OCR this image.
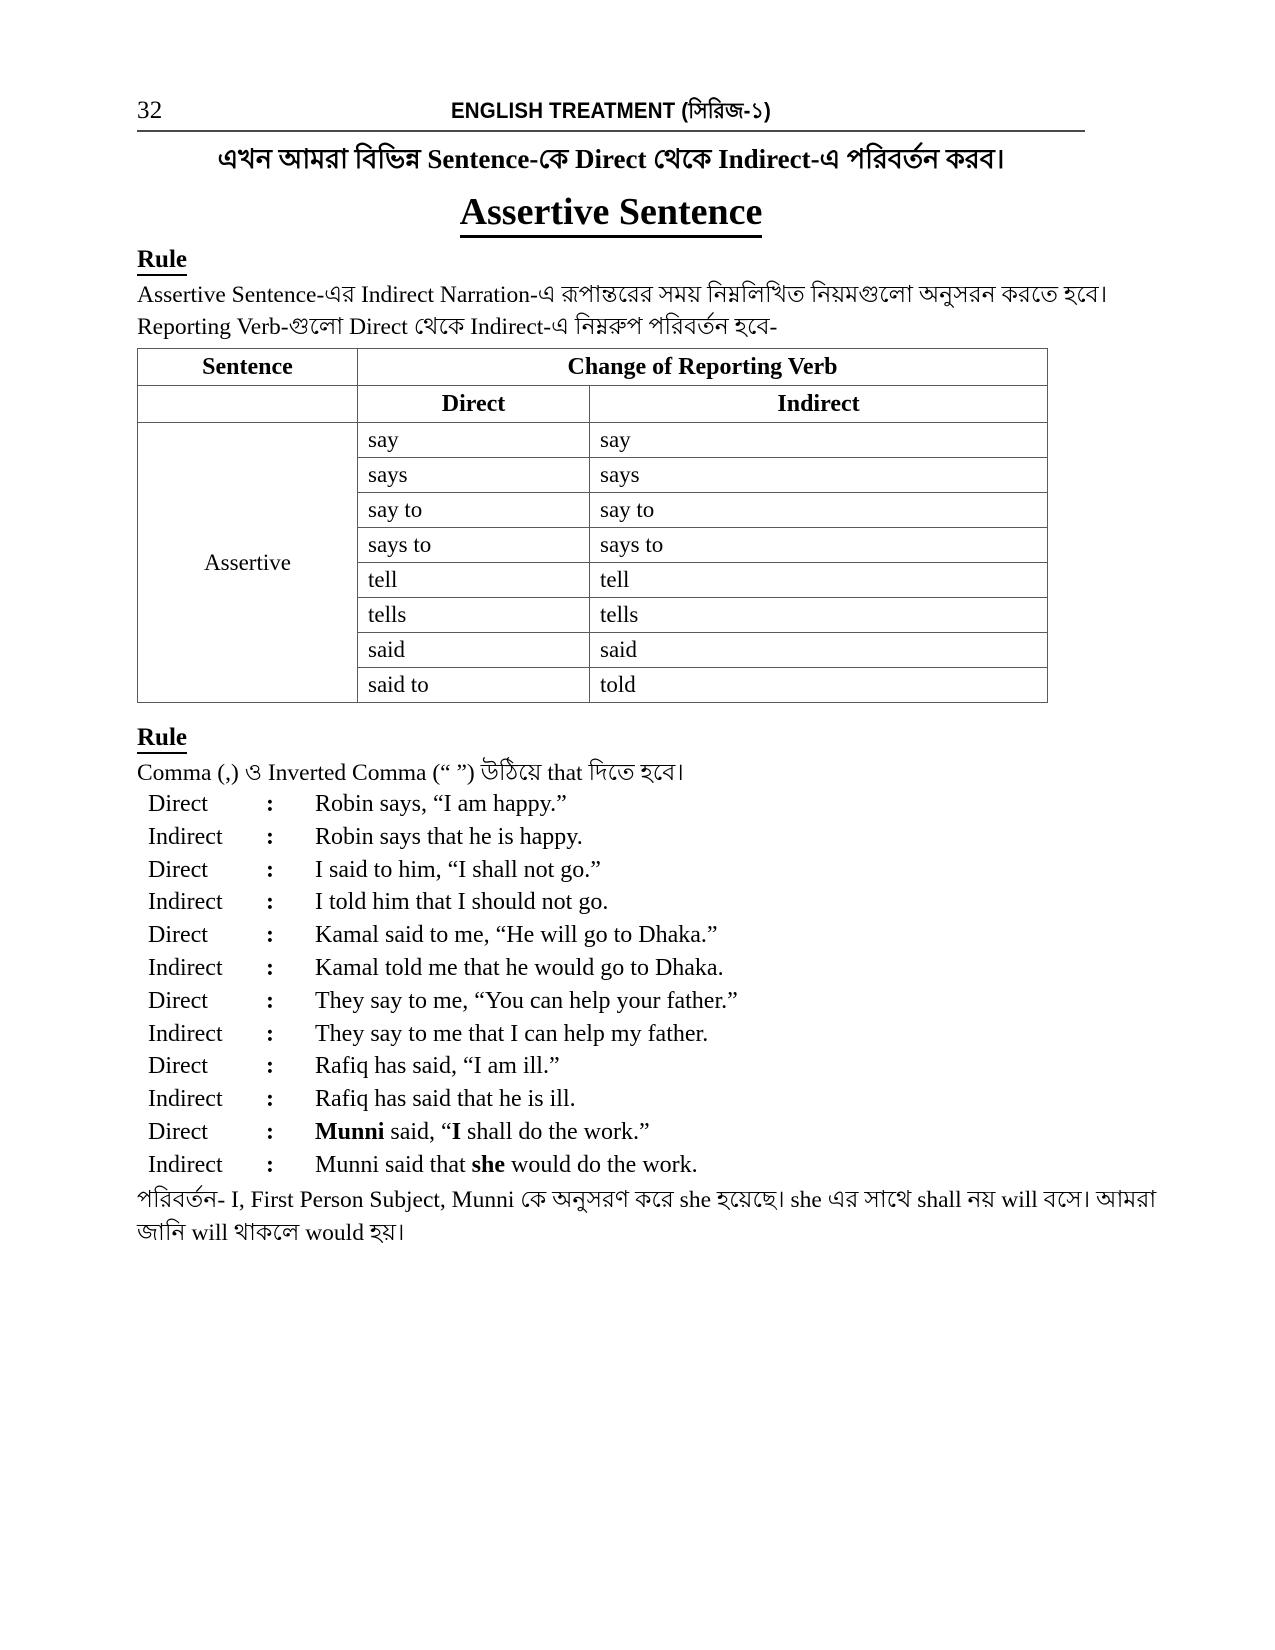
32	ENGLISH TREATMENT (সিরিজ-১)
এখন আমরা বিভিন্ন Sentence-কে Direct থেকে Indirect-এ পরিবর্তন করব।
Assertive Sentence
Rule
Assertive Sentence-এর Indirect Narration-এ রূপান্তরের সময় নিম্নলিখিত নিয়মগুলো অনুসরন করতে হবে।
Reporting Verb-গুলো Direct থেকে Indirect-এ নিম্নরুপ পরিবর্তন হবে-
Sentence	Change of Reporting Verb	
	Direct	Indirect
Assertive	say	say
	says	says
	say to	say to
	says to	says to
	tell	tell
	tells	tells
	said	said
	said to	told
Rule
Comma (,) ও Inverted Comma (“ ”) উঠিয়ে that দিতে হবে।
Direct	: Robin says, “I am happy.”
Indirect	: Robin says that he is happy.
Direct	: I said to him, “I shall not go.”
Indirect	: I told him that I should not go.
Direct	: Kamal said to me, “He will go to Dhaka.”
Indirect	: Kamal told me that he would go to Dhaka.
Direct	: They say to me, “You can help your father.”
Indirect	: They say to me that I can help my father.
Direct	: Rafiq has said, “I am ill.”
Indirect	: Rafiq has said that he is ill.
Direct	: Munni said, “I shall do the work.”
Indirect	: Munni said that she would do the work.
পরিবর্তন- I, First Person Subject, Munni কে অনুসরণ করে she হয়েছে। she এর সাথে shall নয় will বসে। আমরা
জানি will থাকলে would হয়।
